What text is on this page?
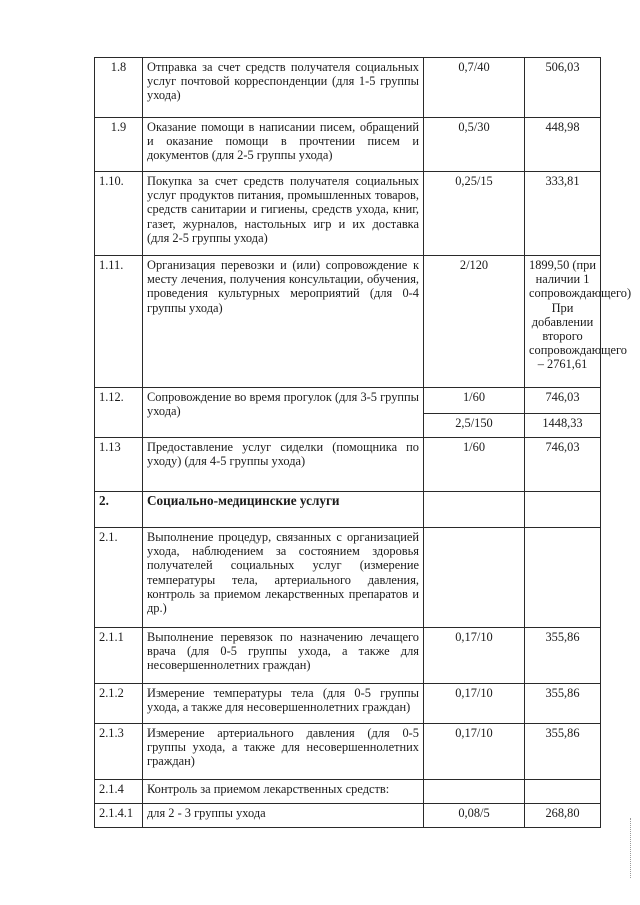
1.8	Отправка за счет средств получателя социальных услуг почтовой корреспонденции (для 1-5 группы ухода)	0,7/40	506,03
1.9	Оказание помощи в написании писем, обращений и оказание помощи в прочтении писем и документов (для 2-5 группы ухода)	0,5/30	448,98
1.10.	Покупка за счет средств получателя социальных услуг продуктов питания, промышленных товаров, средств санитарии и гигиены, средств ухода, книг, газет, журналов, настольных игр и их доставка (для 2-5 группы ухода)	0,25/15	333,81
1.11.	Организация перевозки и (или) сопровождение к месту лечения, получения консультации, обучения, проведения культурных мероприятий (для 0-4 группы ухода)	2/120	1899,50 (при наличии 1 сопровождающего) При добавлении второго сопровождающего – 2761,61
1.12.	Сопровождение во время прогулок (для 3-5 группы ухода)	1/60	746,03
		2,5/150	1448,33
1.13	Предоставление услуг сиделки (помощника по уходу) (для 4-5 группы ухода)	1/60	746,03
2.	Социально-медицинские услуги		
2.1.	Выполнение процедур, связанных с организацией ухода, наблюдением за состоянием здоровья получателей социальных услуг (измерение температуры тела, артериального давления, контроль за приемом лекарственных препаратов и др.)		
2.1.1	Выполнение перевязок по назначению лечащего врача (для 0-5 группы ухода, а также для несовершеннолетних граждан)	0,17/10	355,86
2.1.2	Измерение температуры тела (для 0-5 группы ухода, а также для несовершеннолетних граждан)	0,17/10	355,86
2.1.3	Измерение артериального давления (для 0-5 группы ухода, а также для несовершеннолетних граждан)	0,17/10	355,86
2.1.4	Контроль за приемом лекарственных средств:		
2.1.4.1	для 2 - 3 группы ухода	0,08/5	268,80
